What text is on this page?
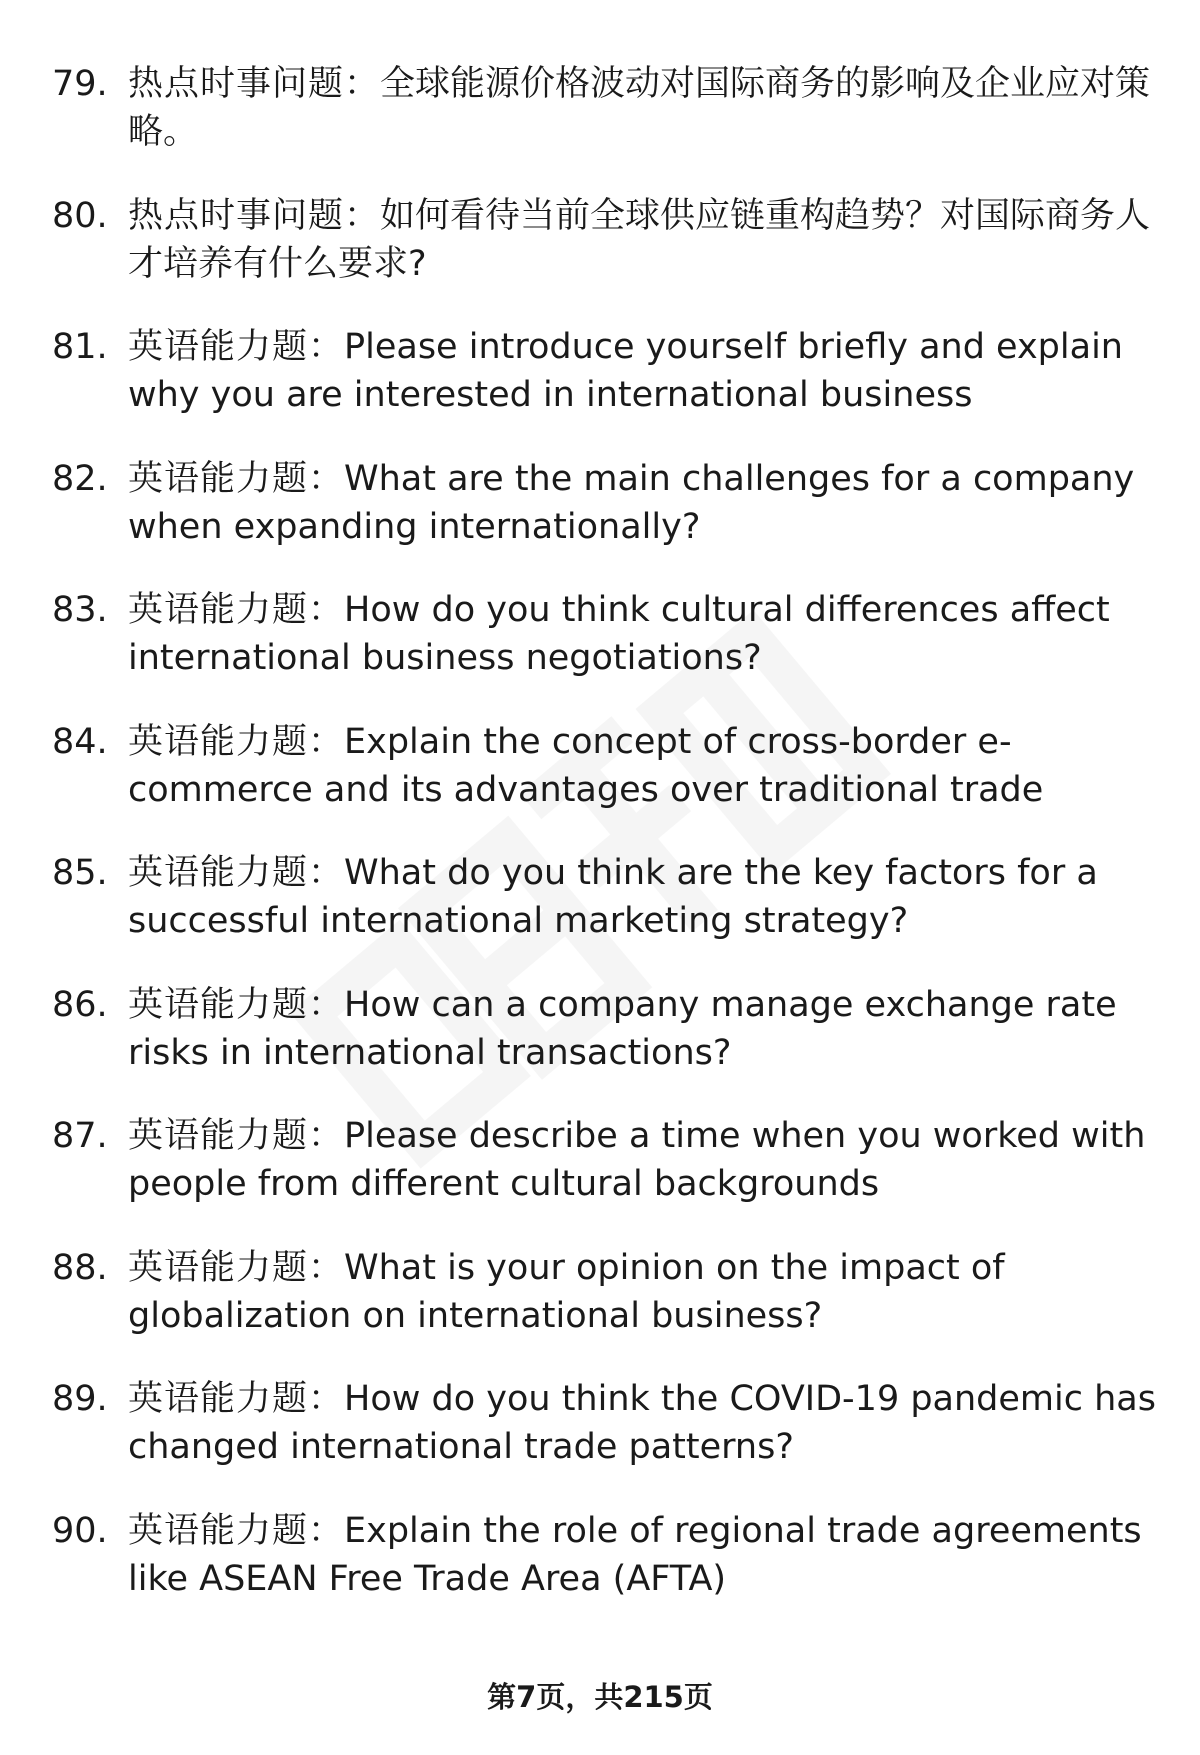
79. 热点时事问题：全球能源价格波动对国际商务的影响及企业应对策略。
80. 热点时事问题：如何看待当前全球供应链重构趋势？对国际商务人才培养有什么要求?
81. 英语能力题：Please introduce yourself briefly and explain why you are interested in international business
82. 英语能力题：What are the main challenges for a company when expanding internationally?
83. 英语能力题：How do you think cultural differences affect international business negotiations?
84. 英语能力题：Explain the concept of cross-border e-commerce and its advantages over traditional trade
85. 英语能力题：What do you think are the key factors for a successful international marketing strategy?
86. 英语能力题：How can a company manage exchange rate risks in international transactions?
87. 英语能力题：Please describe a time when you worked with people from different cultural backgrounds
88. 英语能力题：What is your opinion on the impact of globalization on international business?
89. 英语能力题：How do you think the COVID-19 pandemic has changed international trade patterns?
90. 英语能力题：Explain the role of regional trade agreements like ASEAN Free Trade Area (AFTA)
第7页，共215页
